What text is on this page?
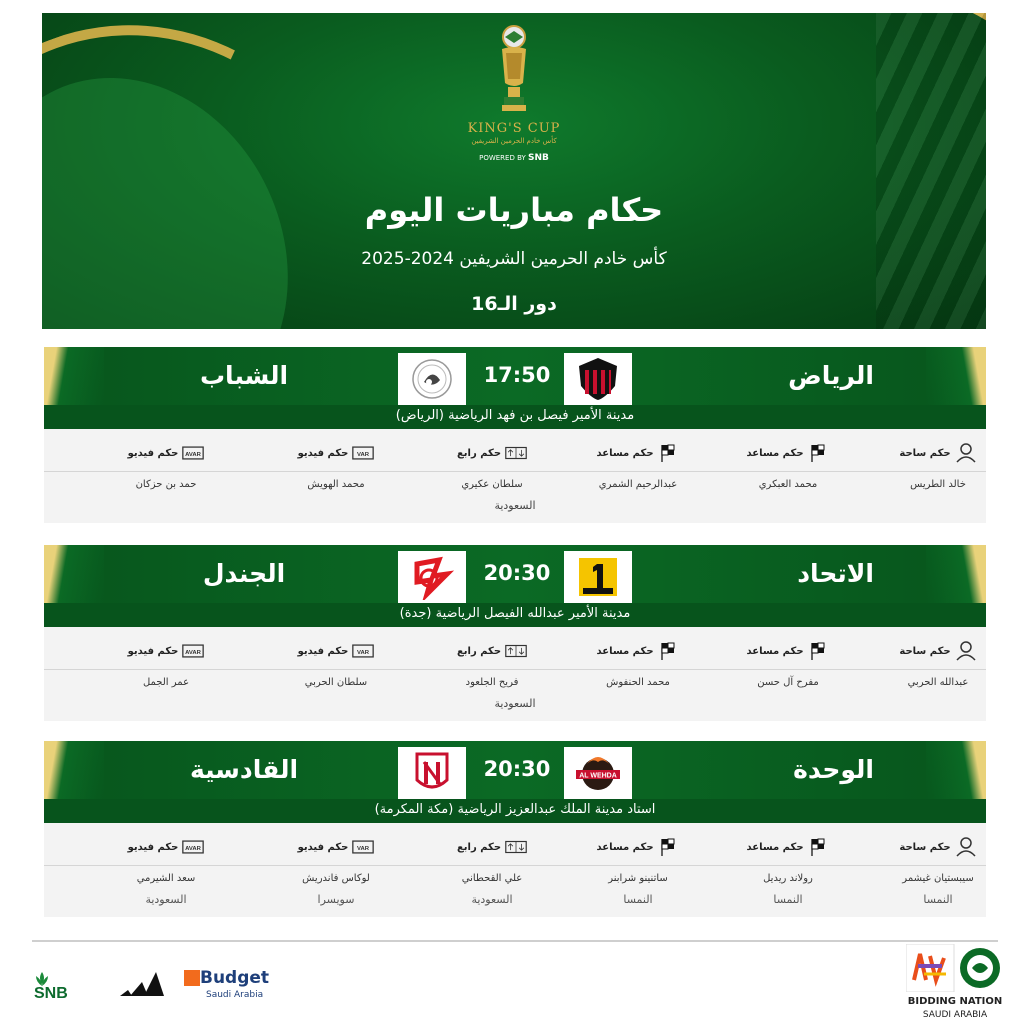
KING'S CUP
كأس خادم الحرمين الشريفين
POWERED BY SNB
حكام مباريات اليوم
كأس خادم الحرمين الشريفين 2024-2025
دور الـ16
الرياض
17:50
الشباب
مدينة الأمير فيصل بن فهد الرياضية (الرياض)
حكم ساحة
خالد الطريس
حكم مساعد
محمد العبكري
حكم مساعد
عبدالرحيم الشمري
حكم رابع
سلطان عكيري
VAR
حكم فيديو
محمد الهويش
AVAR
حكم فيديو
حمد بن حزكان
السعودية
الاتحاد
20:30
الجندل
مدينة الأمير عبدالله الفيصل الرياضية (جدة)
حكم ساحة
عبدالله الحربي
حكم مساعد
مفرح آل حسن
حكم مساعد
محمد الحنفوش
حكم رابع
فريح الجلعود
VAR
حكم فيديو
سلطان الحربي
AVAR
حكم فيديو
عمر الجمل
السعودية
الوحدة
AL WEHDA
20:30
القادسية
استاد مدينة الملك عبدالعزيز الرياضية (مكة المكرمة)
حكم ساحة
سيبستيان غيشمر
النمسا
حكم مساعد
رولاند ريديل
النمسا
حكم مساعد
ساتنينو شرابنر
النمسا
حكم رابع
علي القحطاني
السعودية
VAR
حكم فيديو
لوكاس فاندريش
سويسرا
AVAR
حكم فيديو
سعد الشيرمي
السعودية
SNB
Budget
Saudi Arabia
BIDDING NATION
SAUDI ARABIA
